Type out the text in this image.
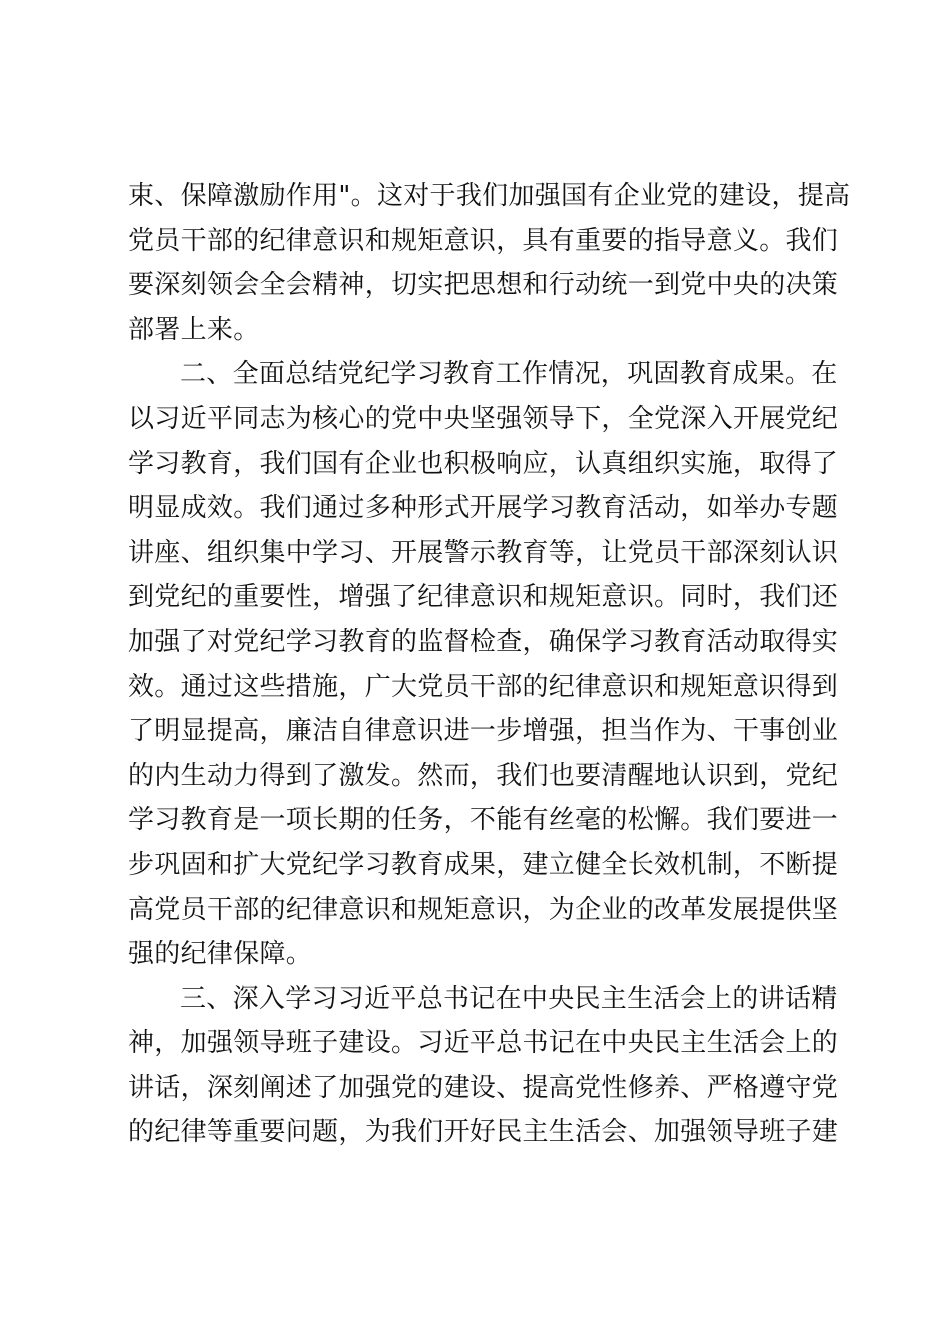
束、保障激励作用"。这对于我们加强国有企业党的建设，提高
党员干部的纪律意识和规矩意识，具有重要的指导意义。我们
要深刻领会全会精神，切实把思想和行动统一到党中央的决策
部署上来。
二、全面总结党纪学习教育工作情况，巩固教育成果。在
以习近平同志为核心的党中央坚强领导下，全党深入开展党纪
学习教育，我们国有企业也积极响应，认真组织实施，取得了
明显成效。我们通过多种形式开展学习教育活动，如举办专题
讲座、组织集中学习、开展警示教育等，让党员干部深刻认识
到党纪的重要性，增强了纪律意识和规矩意识。同时，我们还
加强了对党纪学习教育的监督检查，确保学习教育活动取得实
效。通过这些措施，广大党员干部的纪律意识和规矩意识得到
了明显提高，廉洁自律意识进一步增强，担当作为、干事创业
的内生动力得到了激发。然而，我们也要清醒地认识到，党纪
学习教育是一项长期的任务，不能有丝毫的松懈。我们要进一
步巩固和扩大党纪学习教育成果，建立健全长效机制，不断提
高党员干部的纪律意识和规矩意识，为企业的改革发展提供坚
强的纪律保障。
三、深入学习习近平总书记在中央民主生活会上的讲话精
神，加强领导班子建设。习近平总书记在中央民主生活会上的
讲话，深刻阐述了加强党的建设、提高党性修养、严格遵守党
的纪律等重要问题，为我们开好民主生活会、加强领导班子建
